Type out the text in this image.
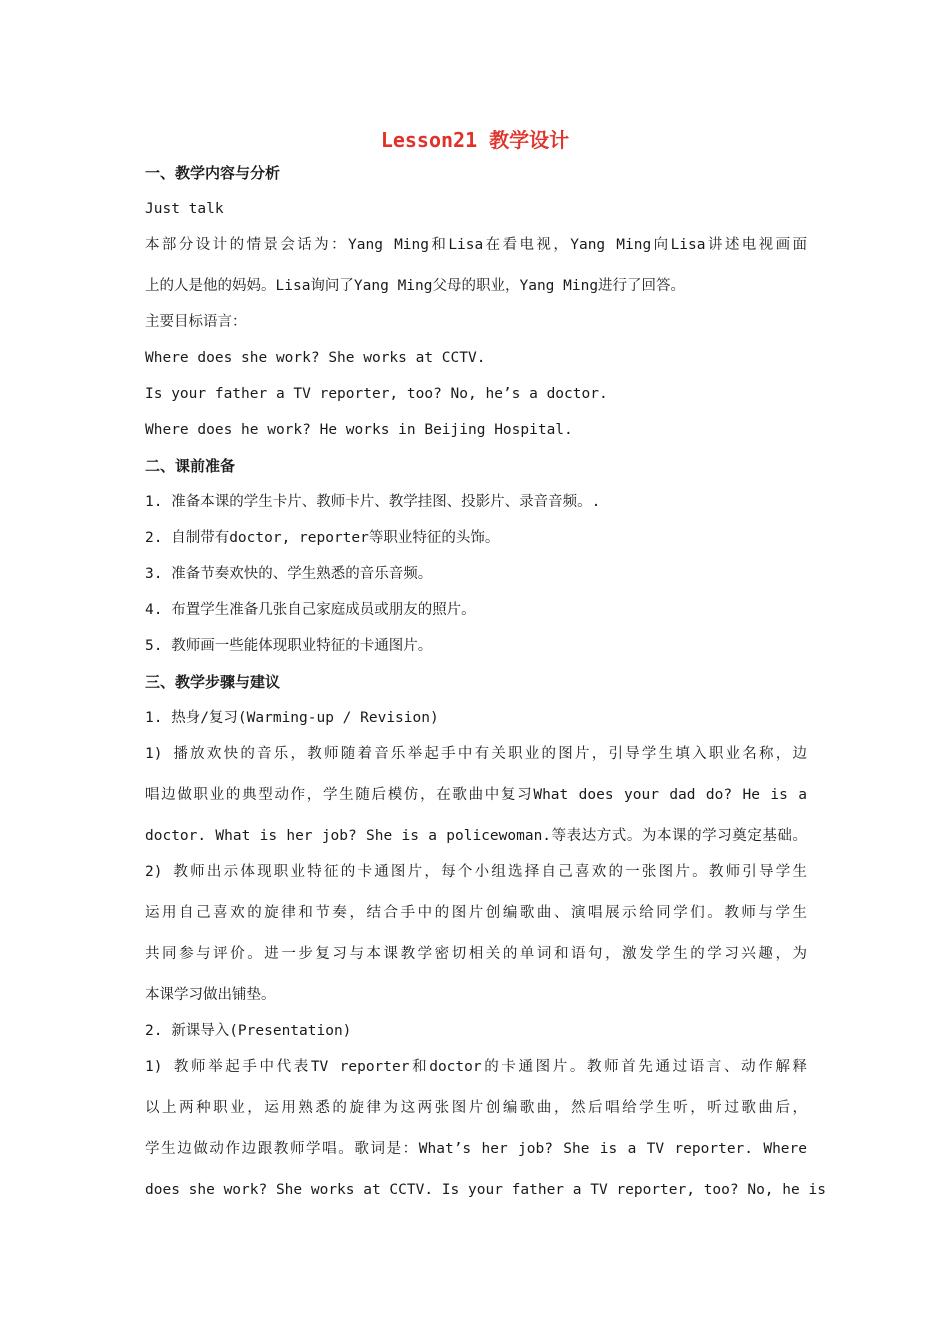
Lesson21 教学设计
一、教学内容与分析
Just talk
本部分设计的情景会话为：Yang Ming和Lisa在看电视，Yang Ming向Lisa讲述电视画面
上的人是他的妈妈。Lisa询问了Yang Ming父母的职业，Yang Ming进行了回答。
主要目标语言：
Where does she work? She works at CCTV.
Is your father a TV reporter, too? No, he’s a doctor.
Where does he work? He works in Beijing Hospital.
二、课前准备
1. 准备本课的学生卡片、教师卡片、教学挂图、投影片、录音音频。.
2. 自制带有doctor, reporter等职业特征的头饰。
3. 准备节奏欢快的、学生熟悉的音乐音频。
4. 布置学生准备几张自己家庭成员或朋友的照片。
5. 教师画一些能体现职业特征的卡通图片。
三、教学步骤与建议
1. 热身/复习(Warming-up / Revision)
1) 播放欢快的音乐，教师随着音乐举起手中有关职业的图片，引导学生填入职业名称，边
唱边做职业的典型动作，学生随后模仿，在歌曲中复习What does your dad do? He is a
doctor. What is her job? She is a policewoman.等表达方式。为本课的学习奠定基础。
2) 教师出示体现职业特征的卡通图片，每个小组选择自己喜欢的一张图片。教师引导学生
运用自己喜欢的旋律和节奏，结合手中的图片创编歌曲、演唱展示给同学们。教师与学生
共同参与评价。进一步复习与本课教学密切相关的单词和语句，激发学生的学习兴趣，为
本课学习做出铺垫。
2. 新课导入(Presentation)
1) 教师举起手中代表TV reporter和doctor的卡通图片。教师首先通过语言、动作解释
以上两种职业，运用熟悉的旋律为这两张图片创编歌曲，然后唱给学生听，听过歌曲后，
学生边做动作边跟教师学唱。歌词是：What’s her job? She is a TV reporter. Where
does she work? She works at CCTV. Is your father a TV reporter, too? No, he is
